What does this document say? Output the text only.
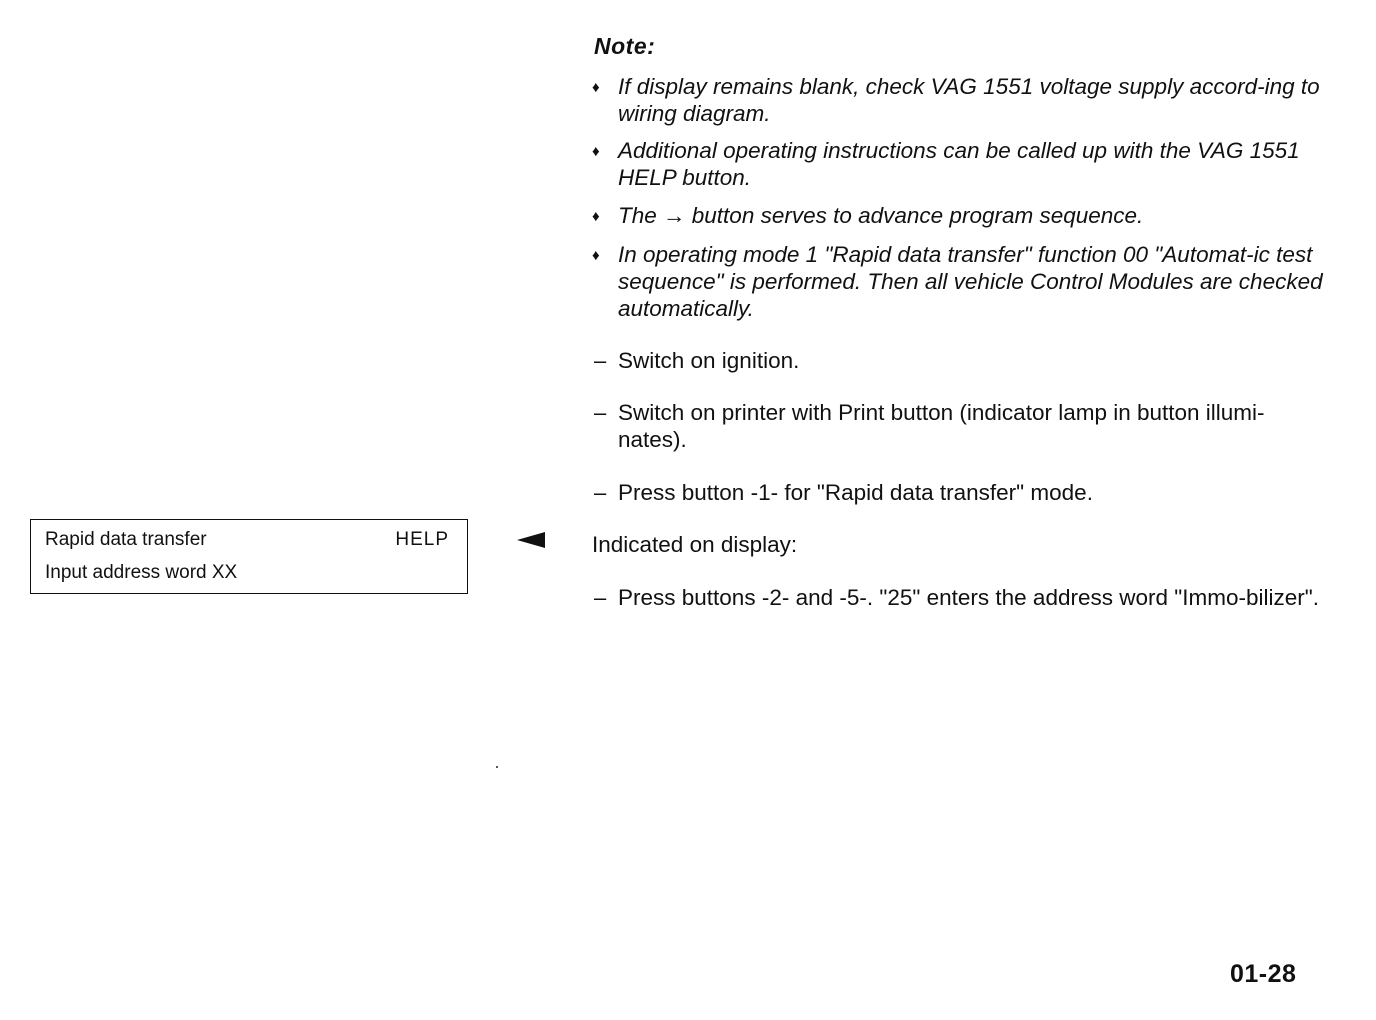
Note:
♦ If display remains blank, check VAG 1551 voltage supply accord-ing to wiring diagram.
♦ Additional operating instructions can be called up with the VAG 1551 HELP button.
♦ The → button serves to advance program sequence.
♦ In operating mode 1 "Rapid data transfer" function 00 "Automat-ic test sequence" is performed. Then all vehicle Control Modules are checked automatically.
– Switch on ignition.
– Switch on printer with Print button (indicator lamp in button illumi-nates).
– Press button -1- for "Rapid data transfer" mode.
Indicated on display:
– Press buttons -2- and -5-. "25" enters the address word "Immo-bilizer".
Rapid data transfer	HELP
Input address word XX
01-28
